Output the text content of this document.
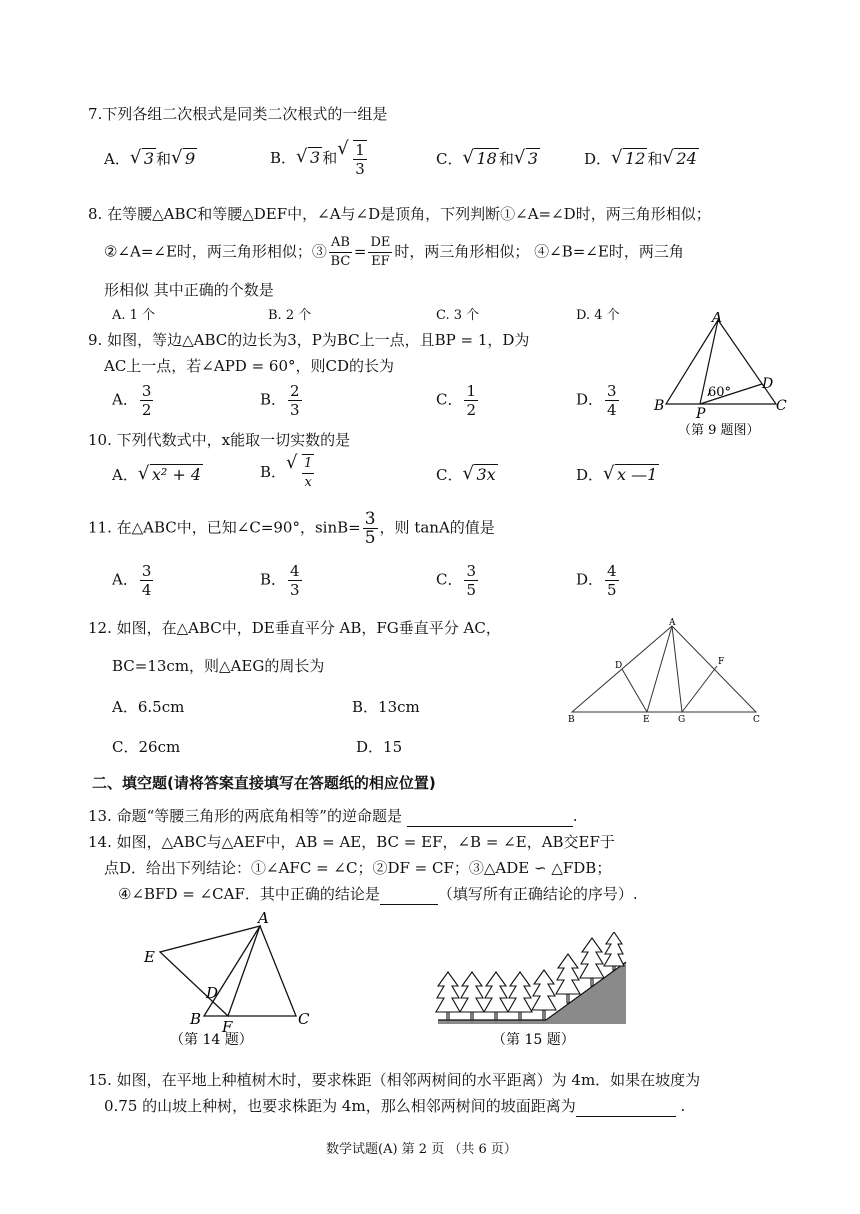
7.下列各组二次根式是同类二次根式的一组是
A． √ 3 和 √ 9	B． √ 3 和 √ $\frac{1}{3}$	C． √ 18 和 √ 3	D． √ 12 和 √ 24
8. 在等腰△ABC和等腰△DEF中，∠A与∠D是顶角，下列判断①∠A=∠D时，两三角形相似；
②∠A=∠E时，两三角形相似；③ $\frac{AB}{BC} = \frac{DE}{EF}$ 时，两三角形相似； ④∠B=∠E时，两三角
形相似 其中正确的个数是
A. 1 个	B. 2 个	C. 3 个	D. 4 个
9. 如图，等边△ABC的边长为3，P为BC上一点，且BP = 1，D为
AC上一点，若∠APD = 60°，则CD的长为
A． $\frac{3}{2}$	B． $\frac{2}{3}$	C． $\frac{1}{2}$	D． $\frac{3}{4}$
A
B	C
D
P
60°
（第 9 题图）
10. 下列代数式中，x能取一切实数的是
A． √ x² + 4	B． √ $\frac{1}{x}$	C． √ 3x	D． √ x —1
11. 在△ABC中，已知∠C=90°，$\sin B= \frac{3}{5}$ ，则 tanA的值是
A． $\frac{3}{4}$	B． $\frac{4}{3}$	C． $\frac{3}{5}$	D． $\frac{4}{5}$
12. 如图，在△ABC中，DE垂直平分 AB，FG垂直平分 AC，
BC=13cm，则△AEG的周长为
A．6.5cm	B．13cm
C．26cm	D．15
A
D	F
B	E	G	C
二、填空题(请将答案直接填写在答题纸的相应位置)
13. 命题“等腰三角形的两底角相等”的逆命题是	.
14. 如图，△ABC与△AEF中，AB = AE，BC = EF，∠B = ∠E，AB交EF于
点D．给出下列结论：①∠AFC = ∠C；②DF = CF；③△ADE ∽ △FDB；
④∠BFD = ∠CAF．其中正确的结论是	（填写所有正确结论的序号）.
A
E
D
B F	C
（第 14 题）	（第 15 题）
15. 如图，在平地上种植树木时，要求株距（相邻两树间的水平距离）为 4m．如果在坡度为
0.75 的山坡上种树，也要求株距为 4m，那么相邻两树间的坡面距离为	.
数学试题(A) 第 2 页 （共 6 页）
